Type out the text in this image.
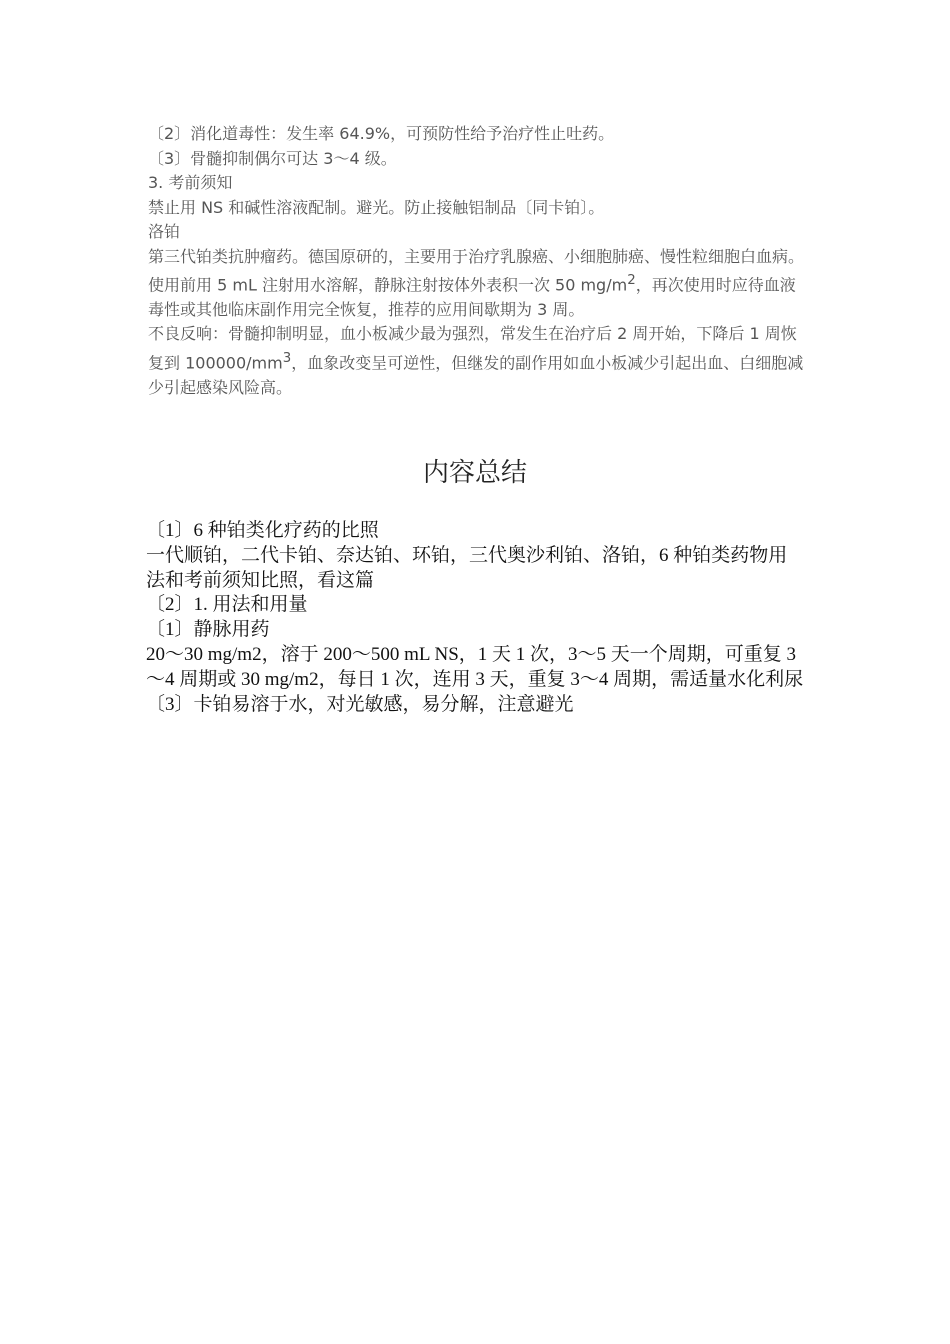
〔2〕消化道毒性：发生率 64.9%，可预防性给予治疗性止吐药。

〔3〕骨髓抑制偶尔可达 3～4 级。

3. 考前须知

禁止用 NS 和碱性溶液配制。避光。防止接触铝制品〔同卡铂〕。

洛铂

第三代铂类抗肿瘤药。德国原研的，主要用于治疗乳腺癌、小细胞肺癌、慢性粒细胞白血病。

使用前用 5 mL 注射用水溶解，静脉注射按体外表积一次 50 $mg/m^2$，再次使用时应待血液毒性或其他临床副作用完全恢复，推荐的应用间歇期为 3 周。

不良反响：骨髓抑制明显，血小板减少最为强烈，常发生在治疗后 2 周开始，下降后 1 周恢复到 $100000/mm^3$，血象改变呈可逆性，但继发的副作用如血小板减少引起出血、白细胞减少引起感染风险高。

内容总结

〔1〕6 种铂类化疗药的比照

一代顺铂，二代卡铂、奈达铂、环铂，三代奥沙利铂、洛铂，6 种铂类药物用法和考前须知比照，看这篇

〔2〕1. 用法和用量

〔1〕静脉用药

20～30 mg/m2，溶于 200～500 mL NS，1 天 1 次，3～5 天一个周期，可重复 3～4 周期或 30 mg/m2，每日 1 次，连用 3 天，重复 3～4 周期，需适量水化利尿

〔3〕卡铂易溶于水，对光敏感，易分解，注意避光
